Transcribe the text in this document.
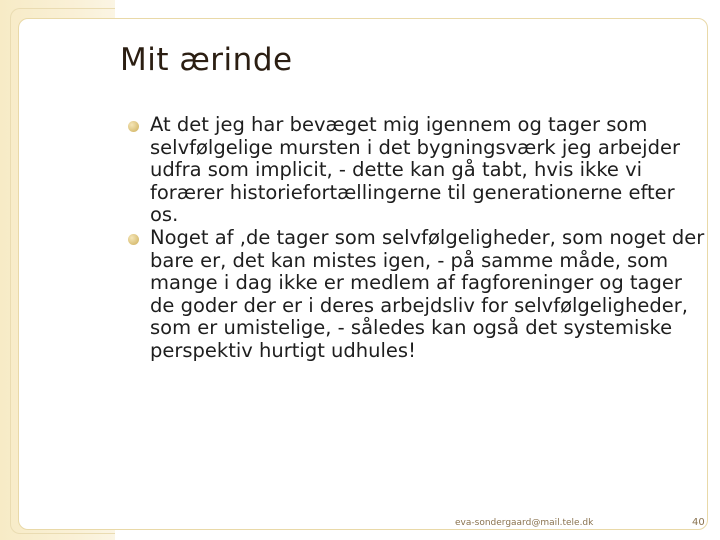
Mit ærinde
At det jeg har bevæget mig igennem og tager som selvfølgelige mursten i det bygningsværk jeg arbejder udfra som implicit, - dette kan gå tabt, hvis ikke vi forærer historiefortællingerne til generationerne efter os.
Noget af ,de tager som selvfølgeligheder, som noget der bare er, det kan mistes igen, - på samme måde, som mange i dag ikke er medlem af fagforeninger og tager de goder der er i deres arbejdsliv for selvfølgeligheder, som er umistelige, - således kan også det systemiske perspektiv hurtigt udhules!
eva-sondergaard@mail.tele.dk	40
